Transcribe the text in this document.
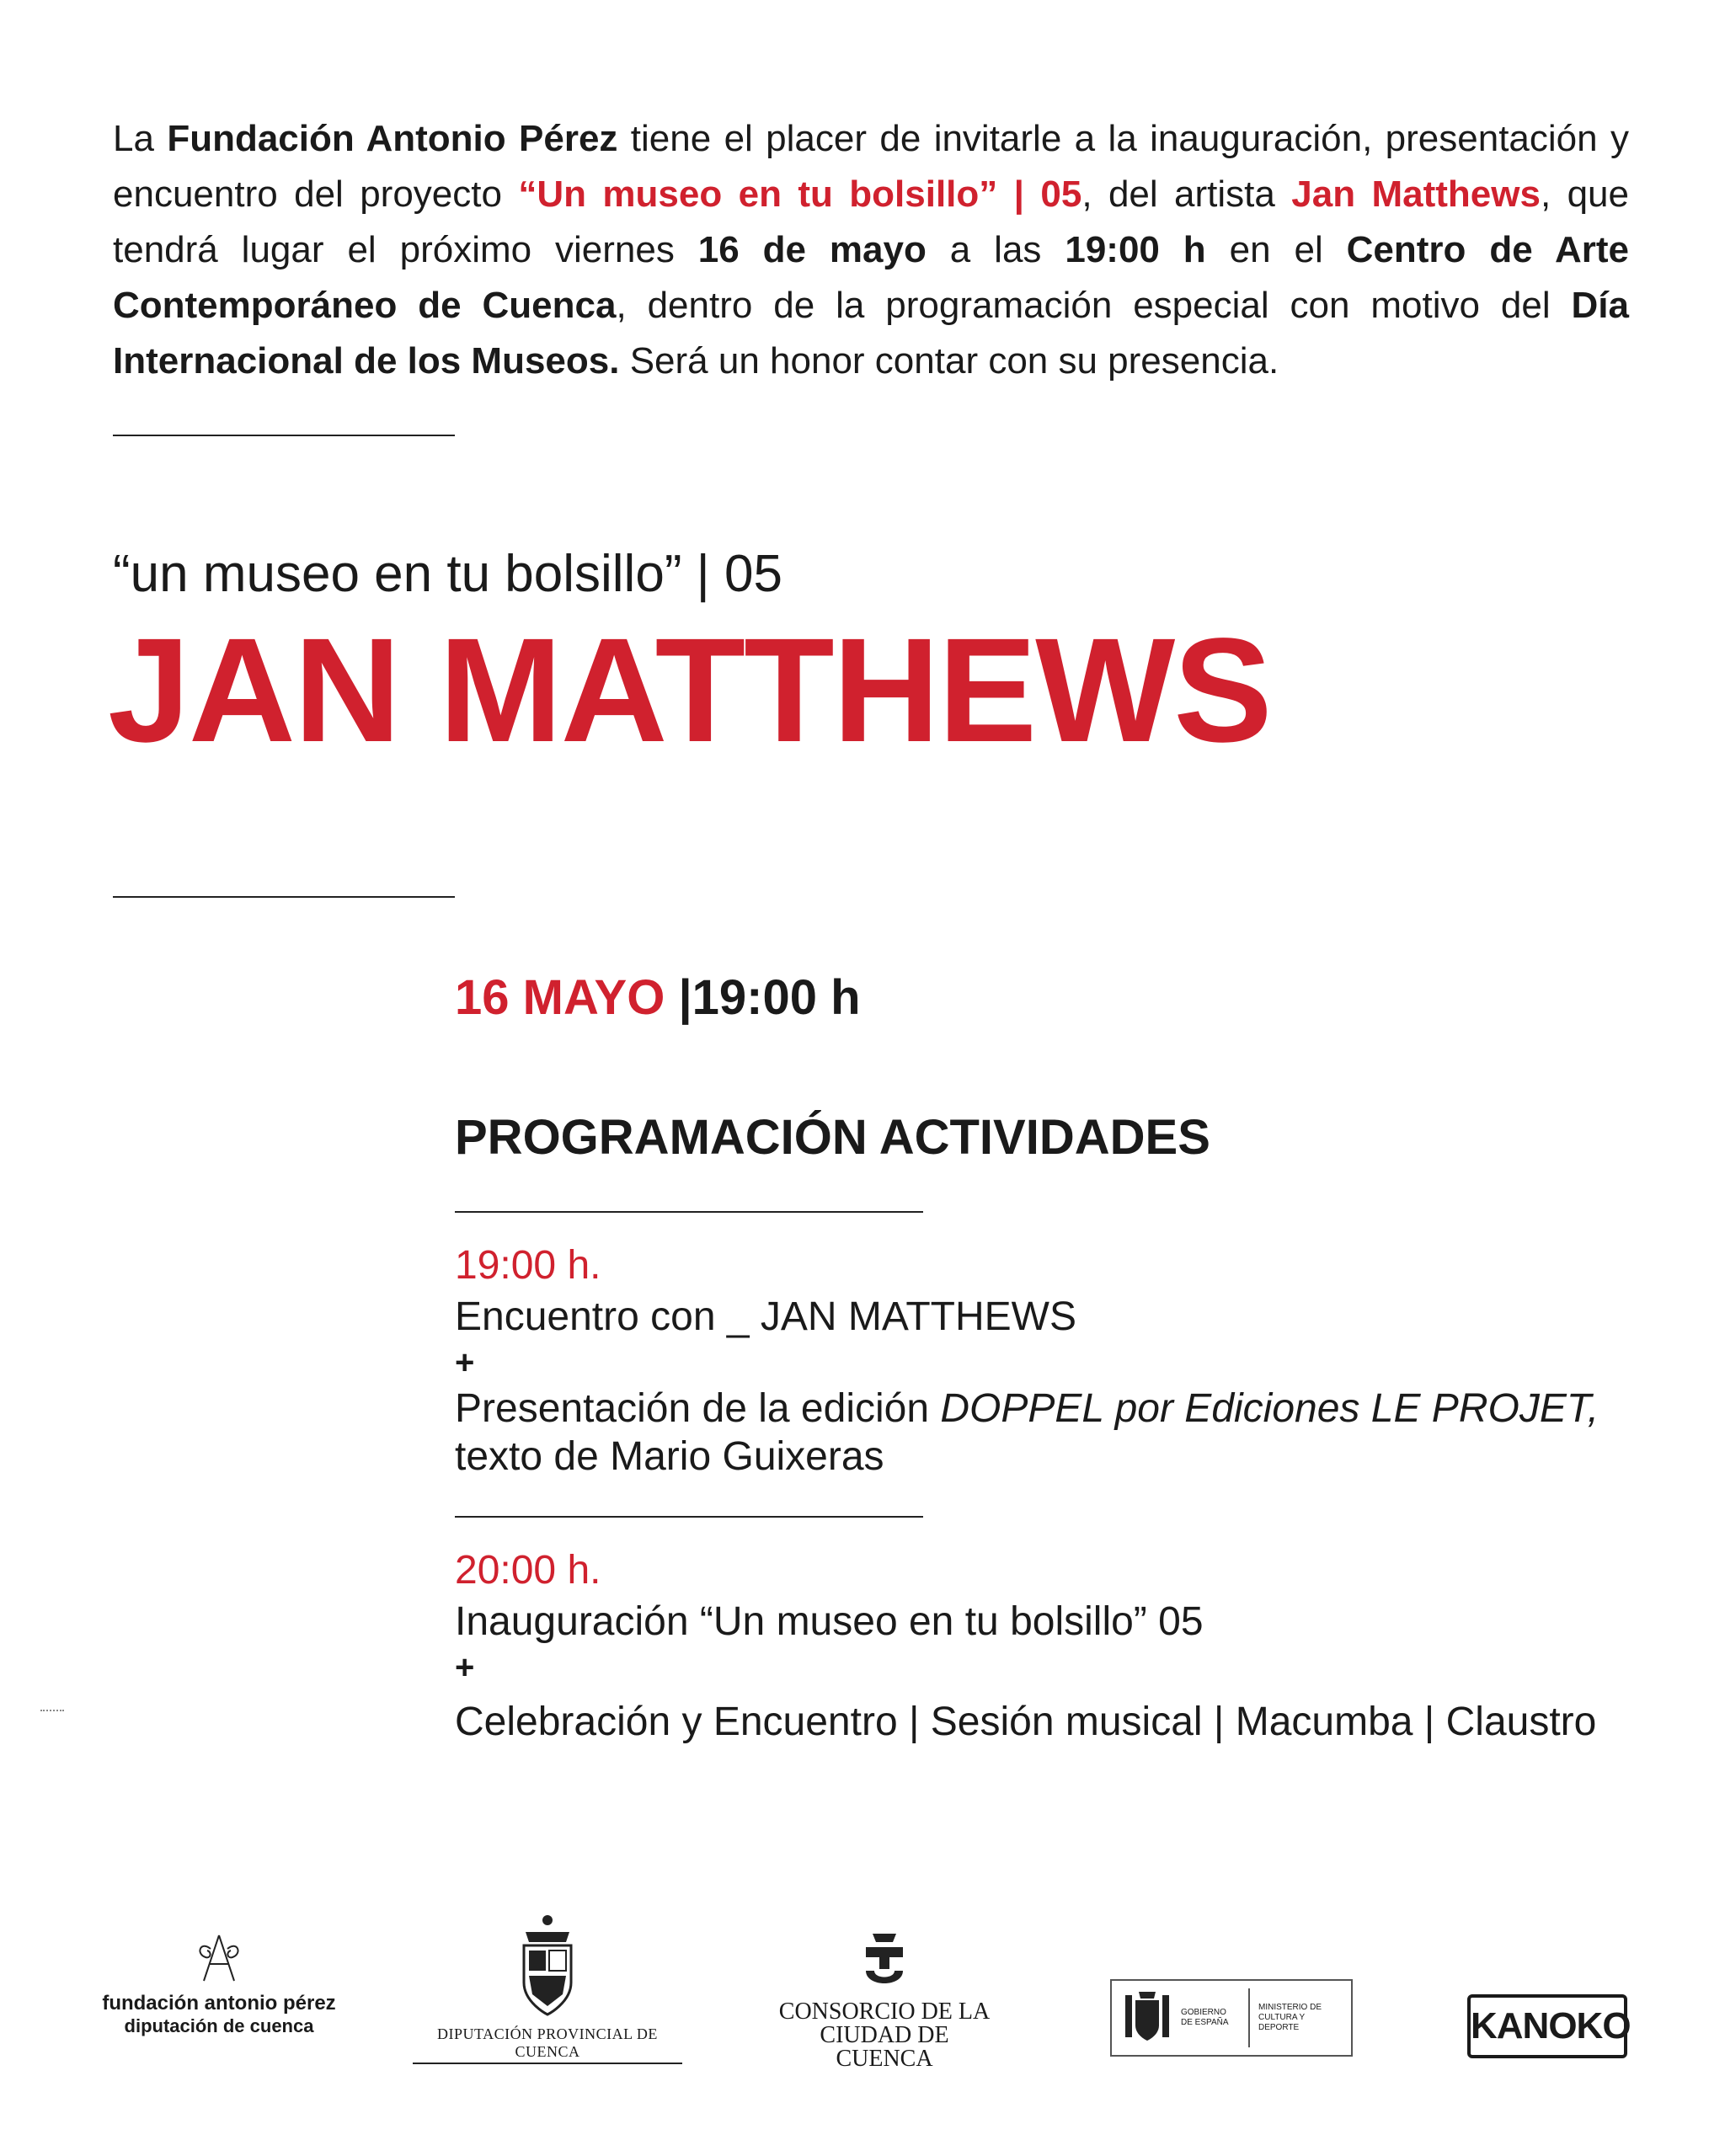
La Fundación Antonio Pérez tiene el placer de invitarle a la inauguración, presentación y encuentro del proyecto “Un museo en tu bolsillo” | 05, del artista Jan Matthews, que tendrá lugar el próximo viernes 16 de mayo a las 19:00 h en el Centro de Arte Contemporáneo de Cuenca, dentro de la programación especial con motivo del Día Internacional de los Museos. Será un honor contar con su presencia.
“un museo en tu bolsillo” | 05
JAN MATTHEWS
16 MAYO |19:00 h
PROGRAMACIÓN ACTIVIDADES
19:00 h.
Encuentro con _ JAN MATTHEWS
+
Presentación de la edición DOPPEL por Ediciones LE PROJET,
texto de Mario Guixeras
20:00 h.
Inauguración “Un museo en tu bolsillo” 05
+
Celebración y Encuentro | Sesión musical | Macumba | Claustro
fundación antonio pérez
diputación de cuenca	DIPUTACIÓN PROVINCIAL DE CUENCA
CONSORCIO DE LA
CIUDAD DE CUENCA
GOBIERNO DE ESPAÑA
MINISTERIO DE CULTURA Y DEPORTE	KANOKO
